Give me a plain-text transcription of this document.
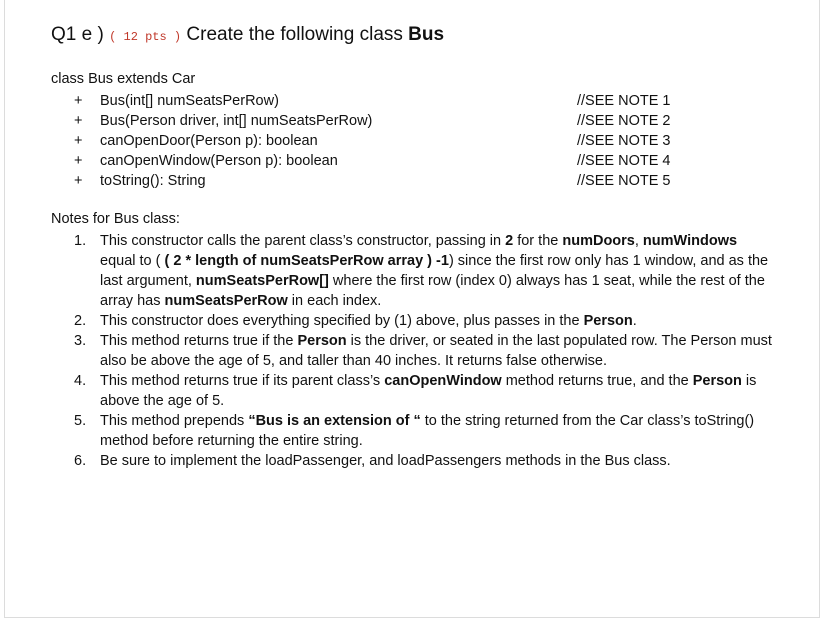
Q1 e ) ( 12 pts ) Create the following class Bus
class Bus extends Car
+ Bus(int[] numSeatsPerRow)	//SEE NOTE 1
+ Bus(Person driver, int[] numSeatsPerRow)	//SEE NOTE 2
+ canOpenDoor(Person p): boolean	//SEE NOTE 3
+ canOpenWindow(Person p): boolean	//SEE NOTE 4
+ toString(): String	//SEE NOTE 5
Notes for Bus class:
1. This constructor calls the parent class’s constructor, passing in 2 for the numDoors, numWindows equal to ( ( 2 * length of numSeatsPerRow array ) -1) since the first row only has 1 window, and as the last argument, numSeatsPerRow[] where the first row (index 0) always has 1 seat, while the rest of the array has numSeatsPerRow in each index.
2. This constructor does everything specified by (1) above, plus passes in the Person.
3. This method returns true if the Person is the driver, or seated in the last populated row. The Person must also be above the age of 5, and taller than 40 inches. It returns false otherwise.
4. This method returns true if its parent class’s canOpenWindow method returns true, and the Person is above the age of 5.
5. This method prepends “Bus is an extension of “ to the string returned from the Car class’s toString() method before returning the entire string.
6. Be sure to implement the loadPassenger, and loadPassengers methods in the Bus class.
